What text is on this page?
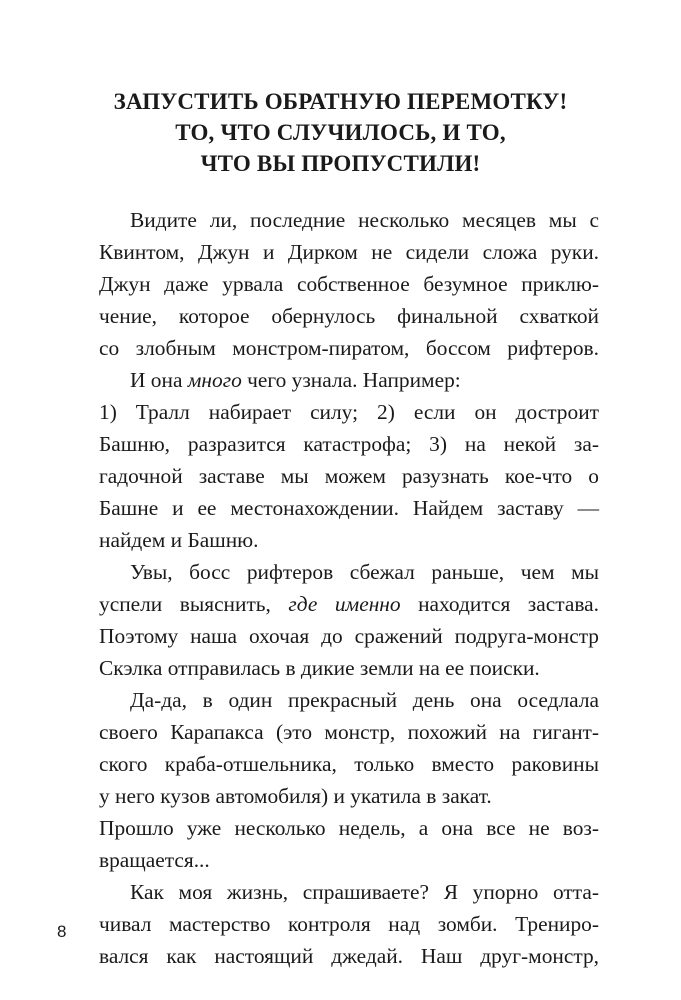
ЗАПУСТИТЬ ОБРАТНУЮ ПЕРЕМОТКУ!
ТО, ЧТО СЛУЧИЛОСЬ, И ТО,
ЧТО ВЫ ПРОПУСТИЛИ!
Видите ли, последние несколько месяцев мы с
Квинтом, Джун и Дирком не сидели сложа руки.
Джун даже урвала собственное безумное приклю-
чение, которое обернулось финальной схваткой
со злобным монстром-пиратом, боссом рифтеров.
И она много чего узнала. Например:
1) Тралл набирает силу; 2) если он достроит
Башню, разразится катастрофа; 3) на некой за-
гадочной заставе мы можем разузнать кое-что о
Башне и ее местонахождении. Найдем заставу —
найдем и Башню.
Увы, босс рифтеров сбежал раньше, чем мы
успели выяснить, где именно находится застава.
Поэтому наша охочая до сражений подруга-монстр
Скэлка отправилась в дикие земли на ее поиски.
Да-да, в один прекрасный день она оседлала
своего Карапакса (это монстр, похожий на гигант-
ского краба-отшельника, только вместо раковины
у него кузов автомобиля) и укатила в закат.
Прошло уже несколько недель, а она все не воз-
вращается...
Как моя жизнь, спрашиваете? Я упорно отта-
чивал мастерство контроля над зомби. Трениро-
вался как настоящий джедай. Наш друг-монстр,
8
